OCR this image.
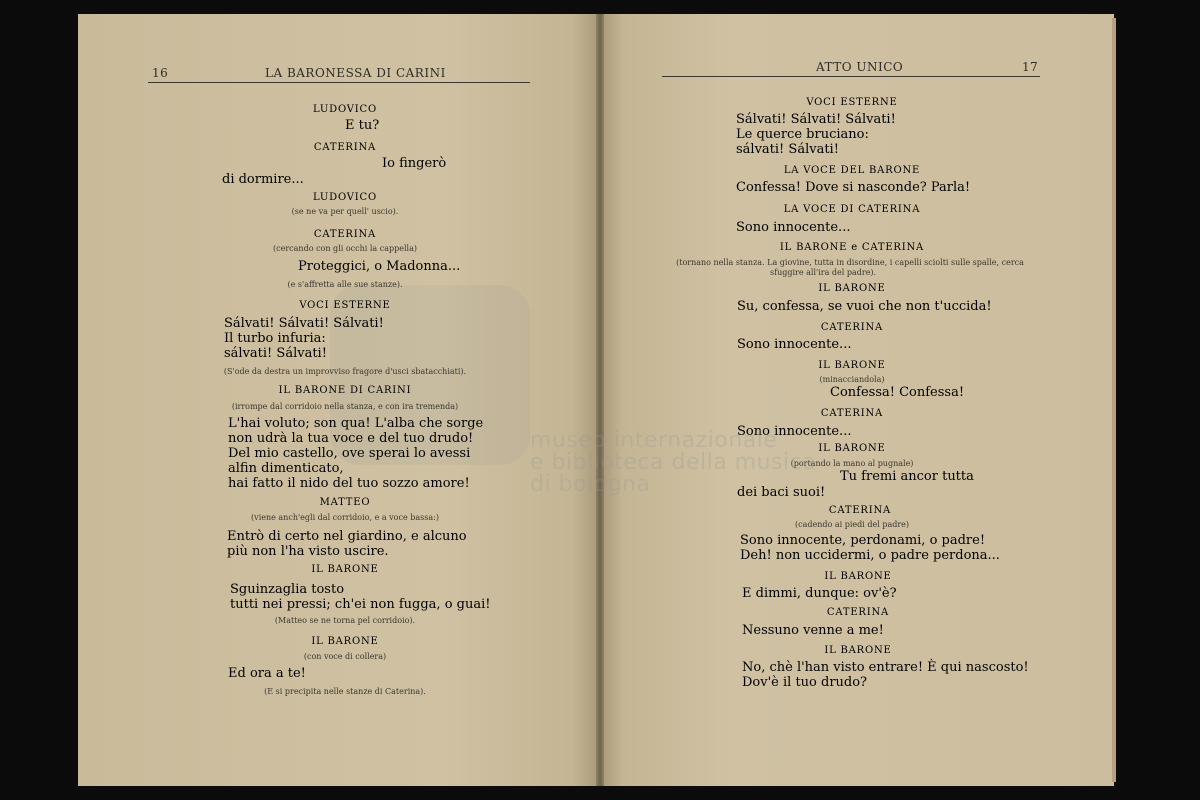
16	LA BARONESSA DI CARINI
LUDOVICO
E tu?
CATERINA
Io fingerò
di dormire...
LUDOVICO
(se ne va per quell' uscio).
CATERINA
(cercando con gli occhi la cappella)
Proteggici, o Madonna...
(e s'affretta alle sue stanze).
VOCI ESTERNE
Sálvati! Sálvati! Sálvati!
Il turbo infuria:
sálvati! Sálvati!
(S'ode da destra un improvviso fragore d'usci sbatacchiati).
IL BARONE DI CARINI
(irrompe dal corridoio nella stanza, e con ira tremenda)
L'hai voluto; son qua! L'alba che sorge
non udrà la tua voce e del tuo drudo!
Del mio castello, ove sperai lo avessi
alfin dimenticato,
hai fatto il nido del tuo sozzo amore!
MATTEO
(viene anch'egli dal corridoio, e a voce bassa:)
Entrò di certo nel giardino, e alcuno
più non l'ha visto uscire.
IL BARONE
Sguinzaglia tosto
tutti nei pressi; ch'ei non fugga, o guai!
(Matteo se ne torna pel corridoio).
IL BARONE
(con voce di collera)
Ed ora a te!
(E si precipita nelle stanze di Caterina).
ATTO UNICO	17
VOCI ESTERNE
Sálvati! Sálvati! Sálvati!
Le querce bruciano:
sálvati! Sálvati!
LA VOCE DEL BARONE
Confessa! Dove si nasconde? Parla!
LA VOCE DI CATERINA
Sono innocente...
IL BARONE e CATERINA
(tornano nella stanza. La giovine, tutta in disordine, i capelli sciolti sulle spalle, cerca
sfuggire all'ira del padre).
IL BARONE
Su, confessa, se vuoi che non t'uccida!
CATERINA
Sono innocente...
IL BARONE
(minacciandola)
Confessa! Confessa!
CATERINA
Sono innocente...
IL BARONE
(portando la mano al pugnale)
Tu fremi ancor tutta
dei baci suoi!
CATERINA
(cadendo ai piedi del padre)
Sono innocente, perdonami, o padre!
Deh! non uccidermi, o padre perdona...
IL BARONE
E dimmi, dunque: ov'è?
CATERINA
Nessuno venne a me!
IL BARONE
No, chè l'han visto entrare! È qui nascosto!
Dov'è il tuo drudo?
museo internazionale
e biblioteca della musica
di bologna
